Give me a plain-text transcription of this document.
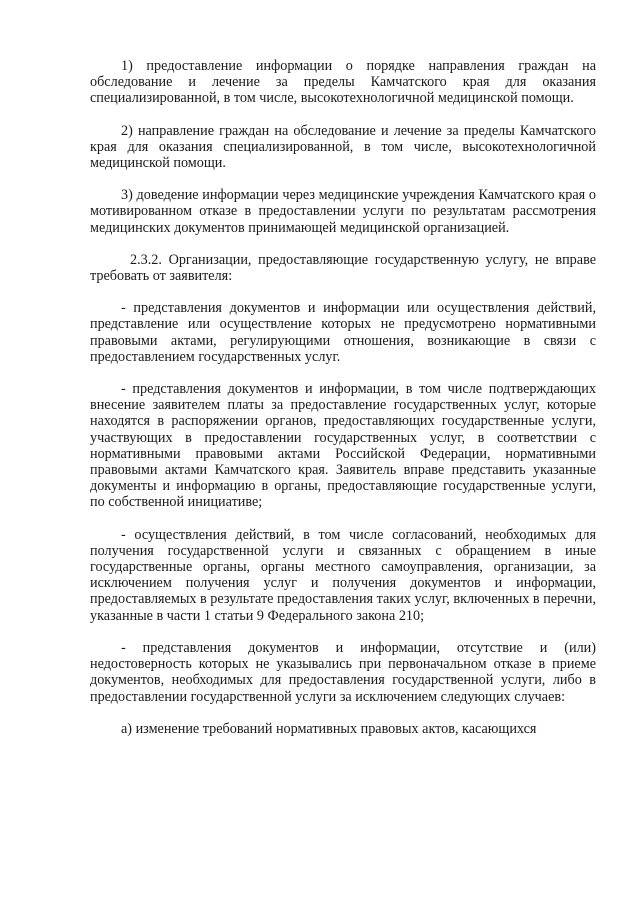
1) предоставление информации о порядке направления граждан на обследование и лечение за пределы Камчатского края для оказания специализированной, в том числе, высокотехнологичной медицинской помощи.

2) направление граждан на обследование и лечение за пределы Камчатского края для оказания специализированной, в том числе, высокотехнологичной медицинской помощи.

3) доведение информации через медицинские учреждения Камчатского края о мотивированном отказе в предоставлении услуги по результатам рассмотрения медицинских документов принимающей медицинской организацией.

2.3.2. Организации, предоставляющие государственную услугу, не вправе требовать от заявителя:

- представления документов и информации или осуществления действий, представление или осуществление которых не предусмотрено нормативными правовыми актами, регулирующими отношения, возникающие в связи с предоставлением государственных услуг.

- представления документов и информации, в том числе подтверждающих внесение заявителем платы за предоставление государственных услуг, которые находятся в распоряжении органов, предоставляющих государственные услуги, участвующих в предоставлении государственных услуг, в соответствии с нормативными правовыми актами Российской Федерации, нормативными правовыми актами Камчатского края. Заявитель вправе представить указанные документы и информацию в органы, предоставляющие государственные услуги, по собственной инициативе;

- осуществления действий, в том числе согласований, необходимых для получения государственной услуги и связанных с обращением в иные государственные органы, органы местного самоуправления, организации, за исключением получения услуг и получения документов и информации, предоставляемых в результате предоставления таких услуг, включенных в перечни, указанные в части 1 статьи 9 Федерального закона 210;

- представления документов и информации, отсутствие и (или) недостоверность которых не указывались при первоначальном отказе в приеме документов, необходимых для предоставления государственной услуги, либо в предоставлении государственной услуги за исключением следующих случаев:

а) изменение требований нормативных правовых актов, касающихся
